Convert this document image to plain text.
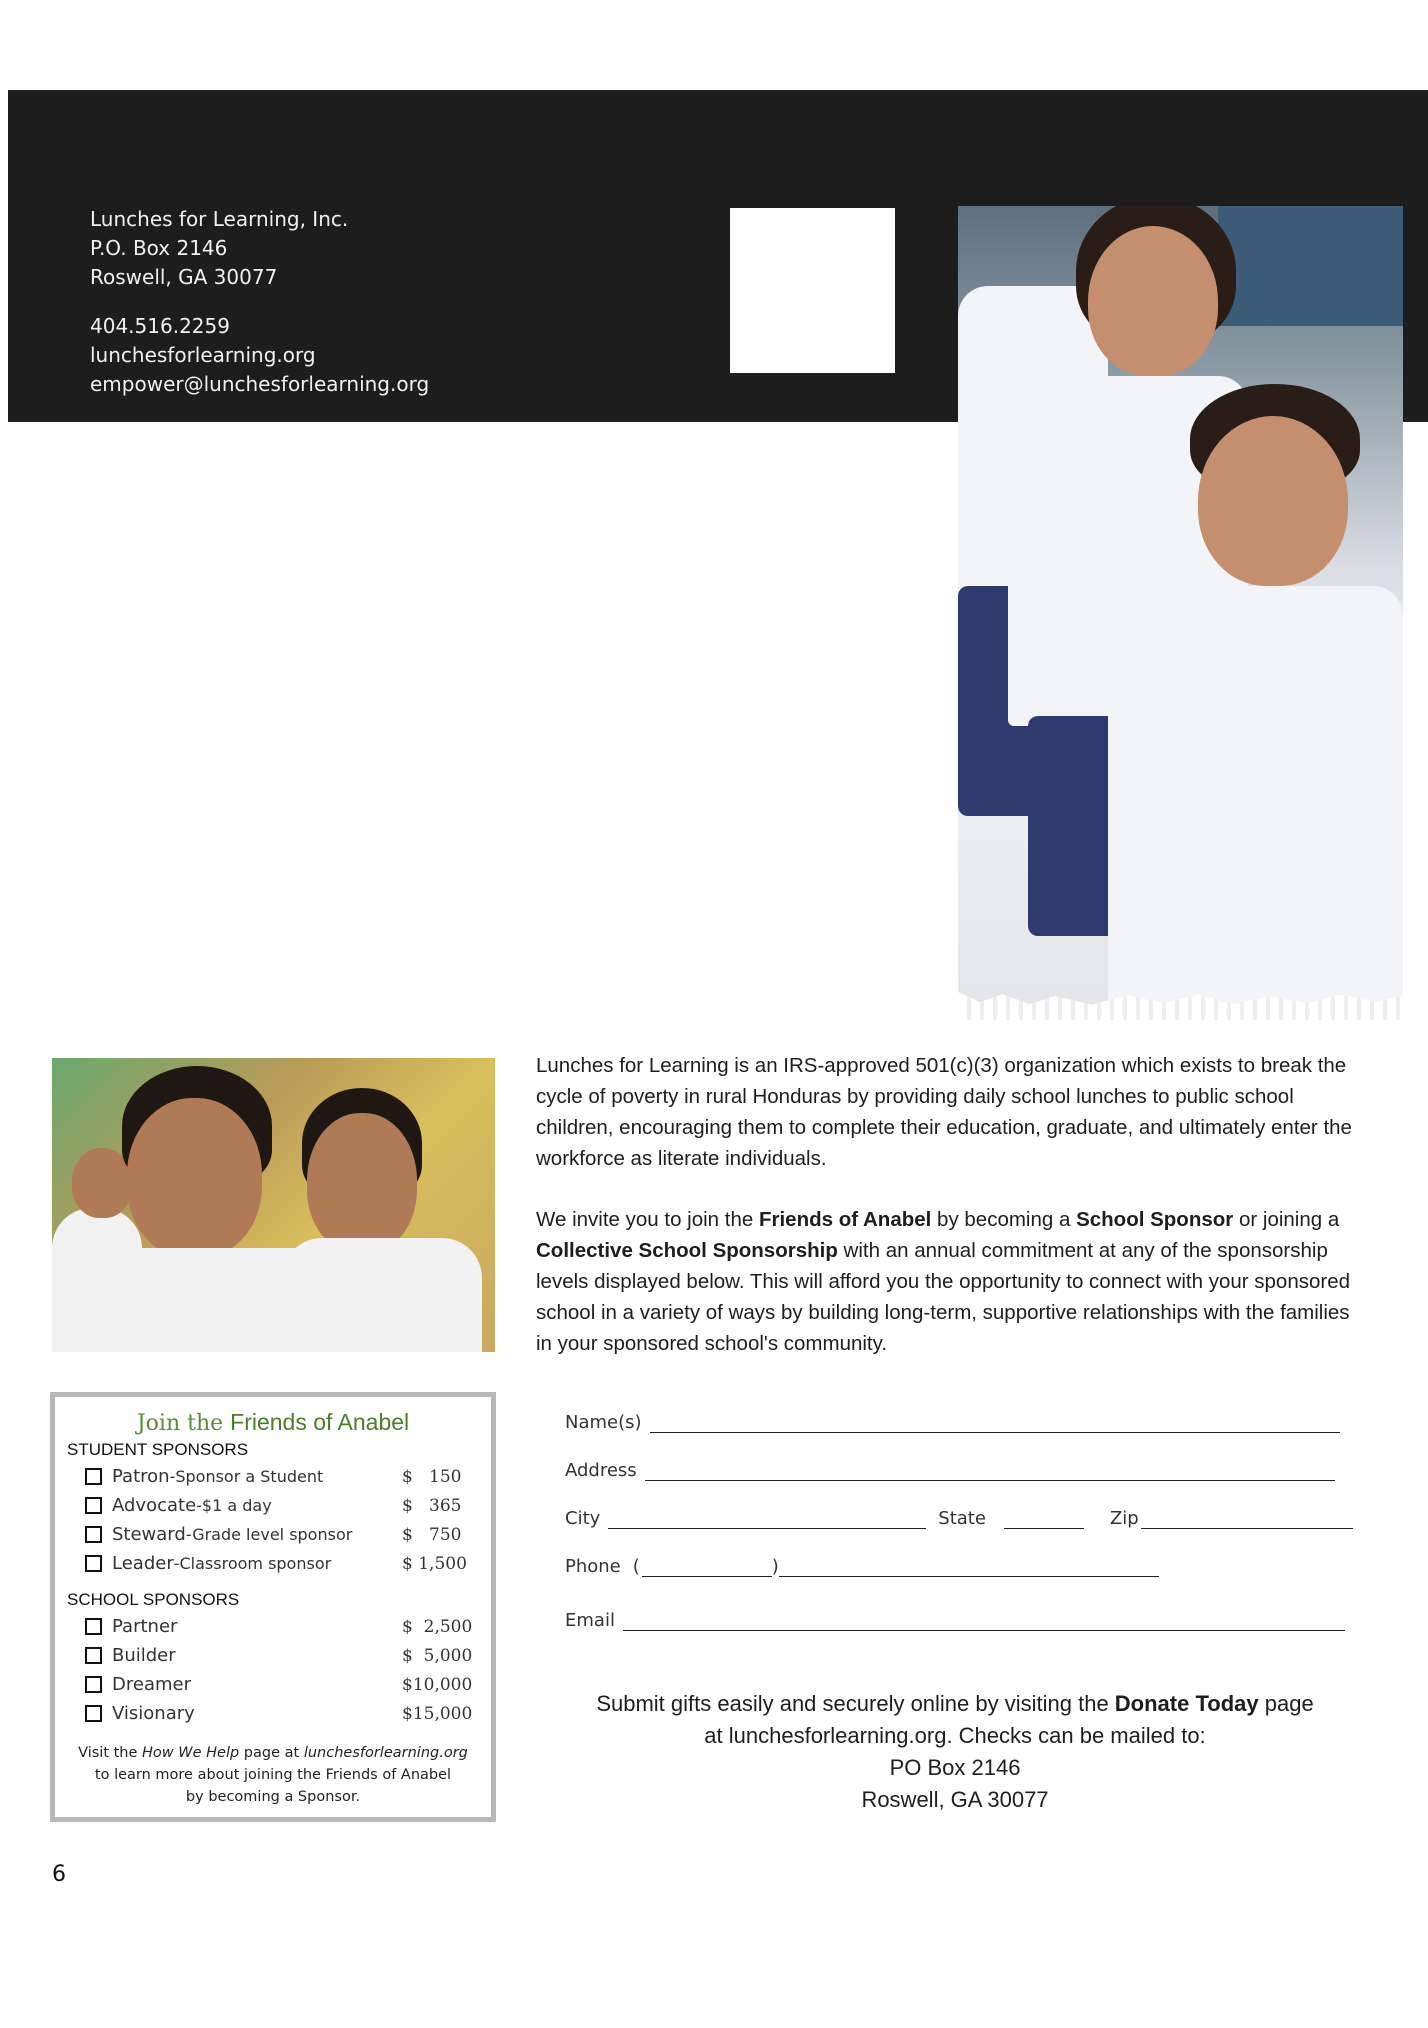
Lunches for Learning, Inc.
P.O. Box 2146
Roswell, GA 30077
404.516.2259
lunchesforlearning.org
empower@lunchesforlearning.org

Lunches for Learning is an IRS-approved 501(c)(3) organization which exists to break the cycle of poverty in rural Honduras by providing daily school lunches to public school children, encouraging them to complete their education, graduate, and ultimately enter the workforce as literate individuals.

We invite you to join the Friends of Anabel by becoming a School Sponsor or joining a Collective School Sponsorship with an annual commitment at any of the sponsorship levels displayed below. This will afford you the opportunity to connect with your sponsored school in a variety of ways by building long-term, supportive relationships with the families in your sponsored school's community.

Join the Friends of Anabel
STUDENT SPONSORS
Patron-Sponsor a Student	$   150
Advocate-$1 a day	$   365
Steward-Grade level sponsor	$   750
Leader-Classroom sponsor	$ 1,500
SCHOOL SPONSORS
Partner	$  2,500
Builder	$  5,000
Dreamer	$10,000
Visionary	$15,000
Visit the How We Help page at lunchesforlearning.org
to learn more about joining the Friends of Anabel
by becoming a Sponsor.
Name(s)
Address
City	State	Zip
Phone (	)
Email
Submit gifts easily and securely online by visiting the Donate Today page
at lunchesforlearning.org. Checks can be mailed to:
PO Box 2146
Roswell, GA 30077
6
